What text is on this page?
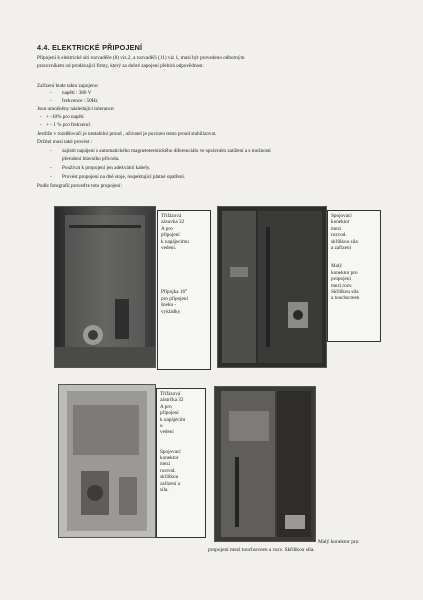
4.4. ELEKTRICKÉ PŘIPOJENÍ
Připojení k elektrické síti rozvaděče (8) viz.2, a rozvaděči (11) viz 1, musí být provedeno odborným
pracovníkem od prodávající firmy, který za dobré zapojení přebírá odpovědnost.
Zařízení bude takto zapojeno:
- napětí : 380 V
- frekvence : 50Hz
Jsou umožněny následující tolerance:
- + -10% pro napětí
- + - 1 % pro frekvenci
Jestliže v rozdělovači je nestabilní proud , uživatel je povinen tento proud stabilizovat.
Držitel musí také provést :
- zajistit napájení s automatického magnetotermického diferenciálu ve správném zatížení a s možností
přerušení hlavního přívodu.
- Používat k propojení jen adekvátní kabely.
- Provést propojení na dně stoje, respektující platné opatření.
Podle fotografií proveďte toto propojení:
Třífázová
zásuvka 32
A pro
připojení
k napájecímu
vedení.
Přípojka 16°
pro připojení
šneku -
vykládky
Spojovací
konektor
mezi
rozvod.
skříňkou sila
a zařízení
Malý
konektor pro
propojení
mezi rozv.
Skříňkou sila
a touchscreen
Třífázová
zástrčka 32
A pro
připojení
k napájecím
u
vedení

Spojovací
konektor
mezi
rozvod.
skříňkou
zařízení a
sila.
Malý konektor pro
propojení mezi touchscreen a rozv. Skříňkou sila.
